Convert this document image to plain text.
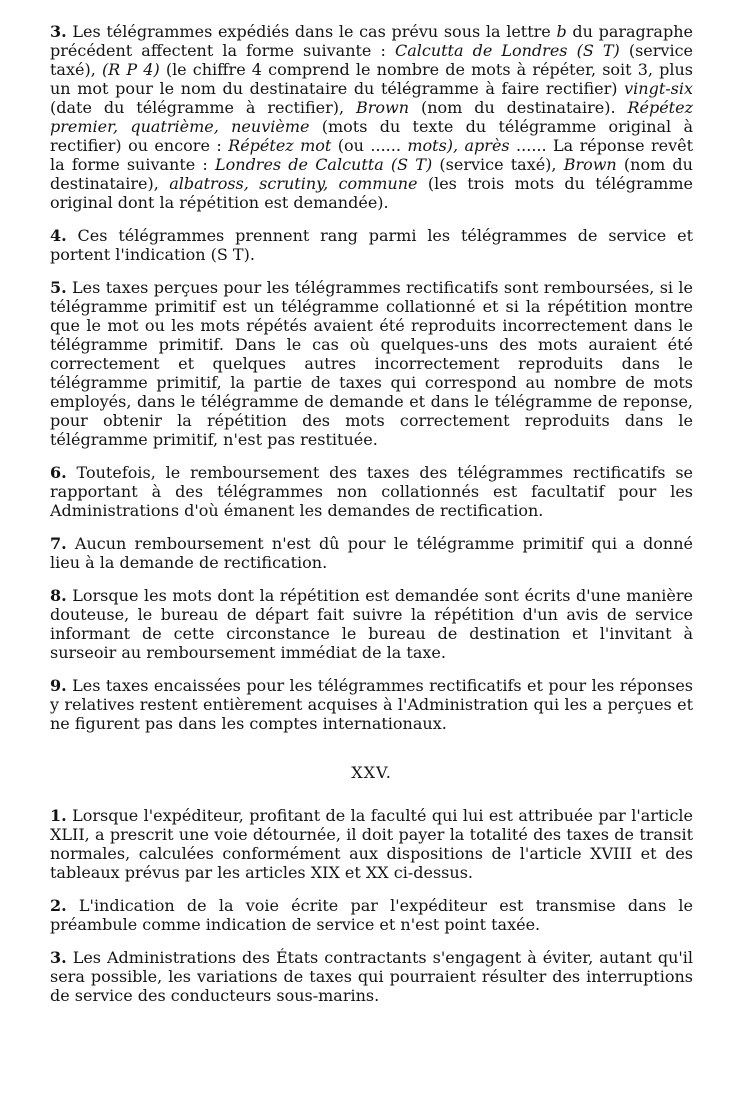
3. Les télégrammes expédiés dans le cas prévu sous la lettre b du paragraphe précédent affectent la forme suivante : Calcutta de Londres (S T) (service taxé), (R P 4) (le chiffre 4 comprend le nombre de mots à répéter, soit 3, plus un mot pour le nom du destinataire du télégramme à faire rectifier) vingt-six (date du télégramme à rectifier), Brown (nom du destinataire). Répétez premier, quatrième, neuvième (mots du texte du télégramme original à rectifier) ou encore : Répétez mot (ou ...... mots), après ...... La réponse revêt la forme suivante : Londres de Calcutta (S T) (service taxé), Brown (nom du destinataire), albatross, scrutiny, commune (les trois mots du télégramme original dont la répétition est demandée).

4. Ces télégrammes prennent rang parmi les télégrammes de service et portent l'indication (S T).

5. Les taxes perçues pour les télégrammes rectificatifs sont remboursées, si le télégramme primitif est un télégramme collationné et si la répétition montre que le mot ou les mots répétés avaient été reproduits incorrectement dans le télégramme primitif. Dans le cas où quelques-uns des mots auraient été correctement et quelques autres incorrectement reproduits dans le télégramme primitif, la partie de taxes qui correspond au nombre de mots employés, dans le télégramme de demande et dans le télégramme de reponse, pour obtenir la répétition des mots correctement reproduits dans le télégramme primitif, n'est pas restituée.

6. Toutefois, le remboursement des taxes des télégrammes rectificatifs se rapportant à des télégrammes non collationnés est facultatif pour les Administrations d'où émanent les demandes de rectification.

7. Aucun remboursement n'est dû pour le télégramme primitif qui a donné lieu à la demande de rectification.

8. Lorsque les mots dont la répétition est demandée sont écrits d'une manière douteuse, le bureau de départ fait suivre la répétition d'un avis de service informant de cette circonstance le bureau de destination et l'invitant à surseoir au remboursement immédiat de la taxe.

9. Les taxes encaissées pour les télégrammes rectificatifs et pour les réponses y relatives restent entièrement acquises à l'Administration qui les a perçues et ne figurent pas dans les comptes internationaux.

XXV.

1. Lorsque l'expéditeur, profitant de la faculté qui lui est attribuée par l'article XLII, a prescrit une voie détournée, il doit payer la totalité des taxes de transit normales, calculées conformément aux dispositions de l'article XVIII et des tableaux prévus par les articles XIX et XX ci-dessus.

2. L'indication de la voie écrite par l'expéditeur est transmise dans le préambule comme indication de service et n'est point taxée.

3. Les Administrations des États contractants s'engagent à éviter, autant qu'il sera possible, les variations de taxes qui pourraient résulter des interruptions de service des conducteurs sous-marins.
